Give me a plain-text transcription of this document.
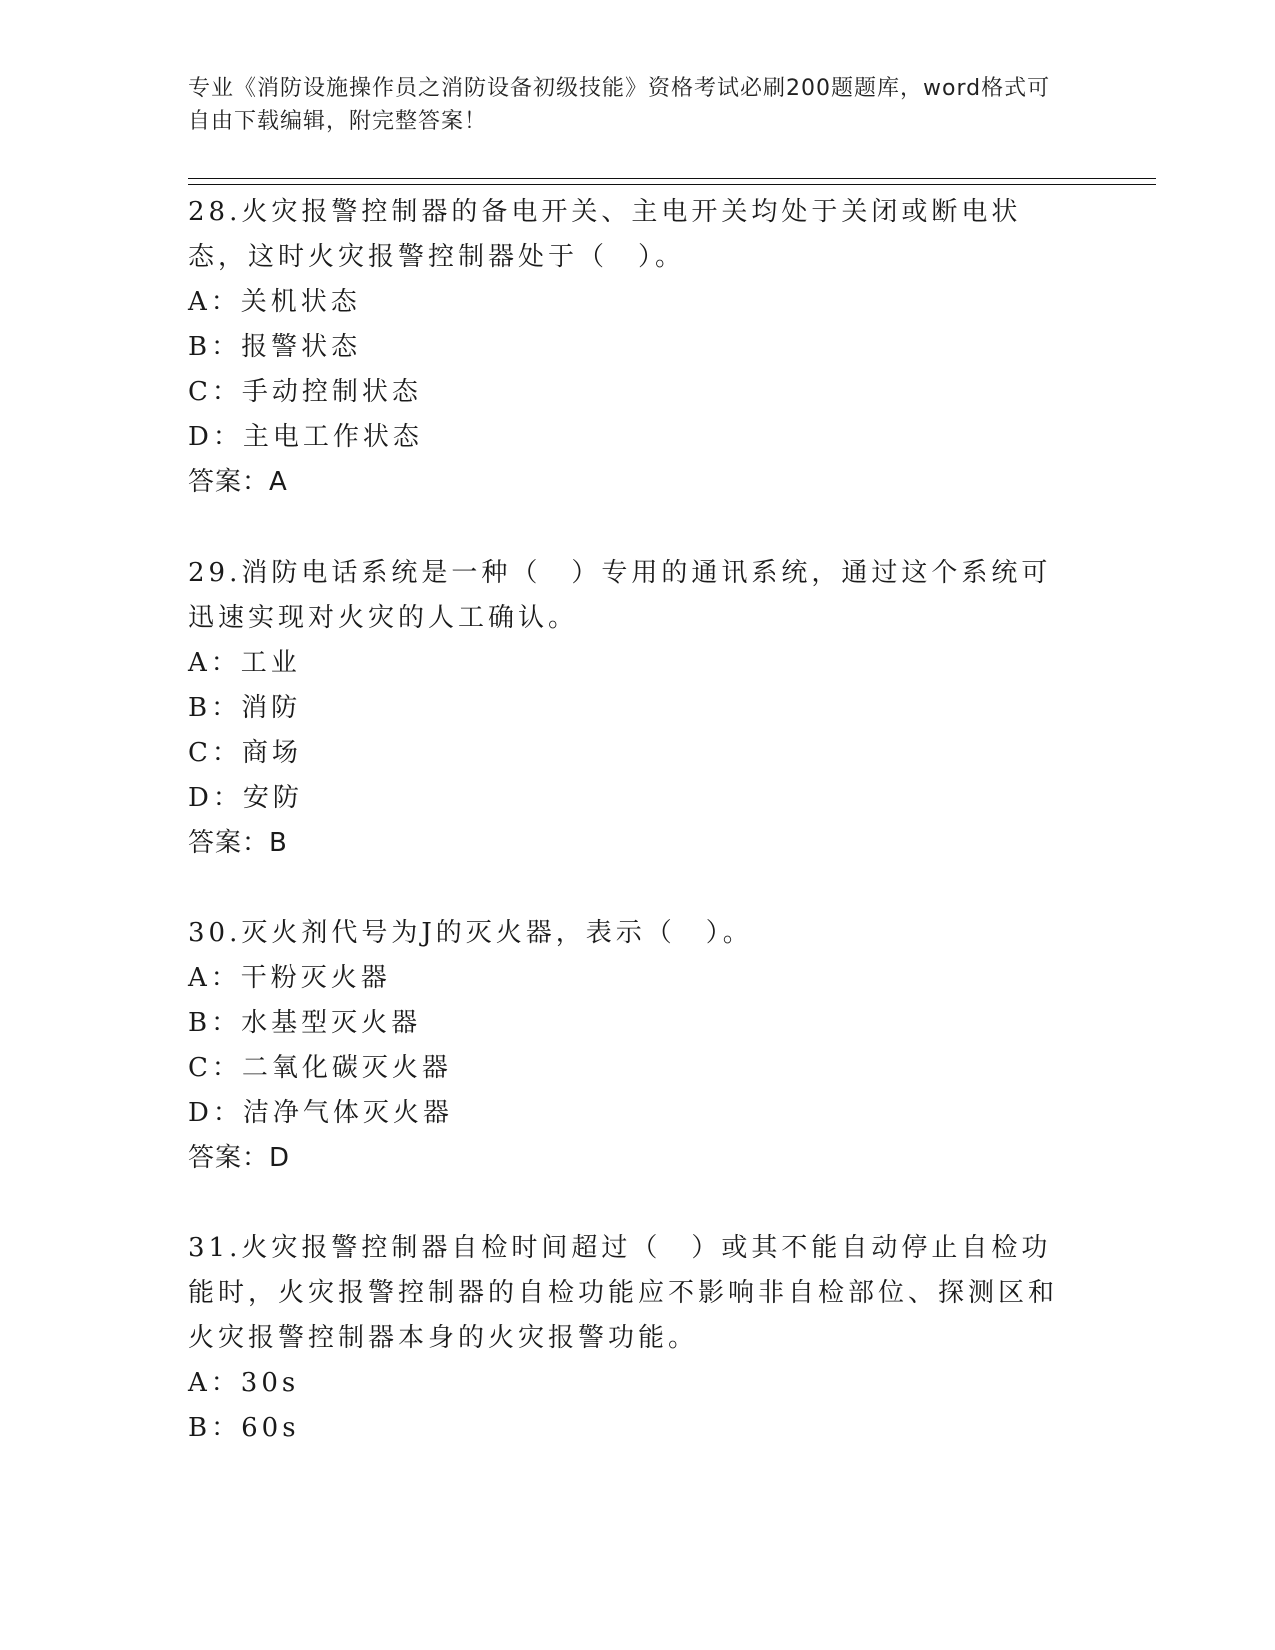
专业《消防设施操作员之消防设备初级技能》资格考试必刷200题题库，word格式可自由下载编辑，附完整答案！

28.火灾报警控制器的备电开关、主电开关均处于关闭或断电状态，这时火灾报警控制器处于（　）。

A：关机状态

B：报警状态

C：手动控制状态

D：主电工作状态

答案：A

29.消防电话系统是一种（　）专用的通讯系统，通过这个系统可迅速实现对火灾的人工确认。

A：工业

B：消防

C：商场

D：安防

答案：B

30.灭火剂代号为J的灭火器，表示（　）。

A：干粉灭火器

B：水基型灭火器

C：二氧化碳灭火器

D：洁净气体灭火器

答案：D

31.火灾报警控制器自检时间超过（　）或其不能自动停止自检功能时，火灾报警控制器的自检功能应不影响非自检部位、探测区和火灾报警控制器本身的火灾报警功能。

A：30s

B：60s
